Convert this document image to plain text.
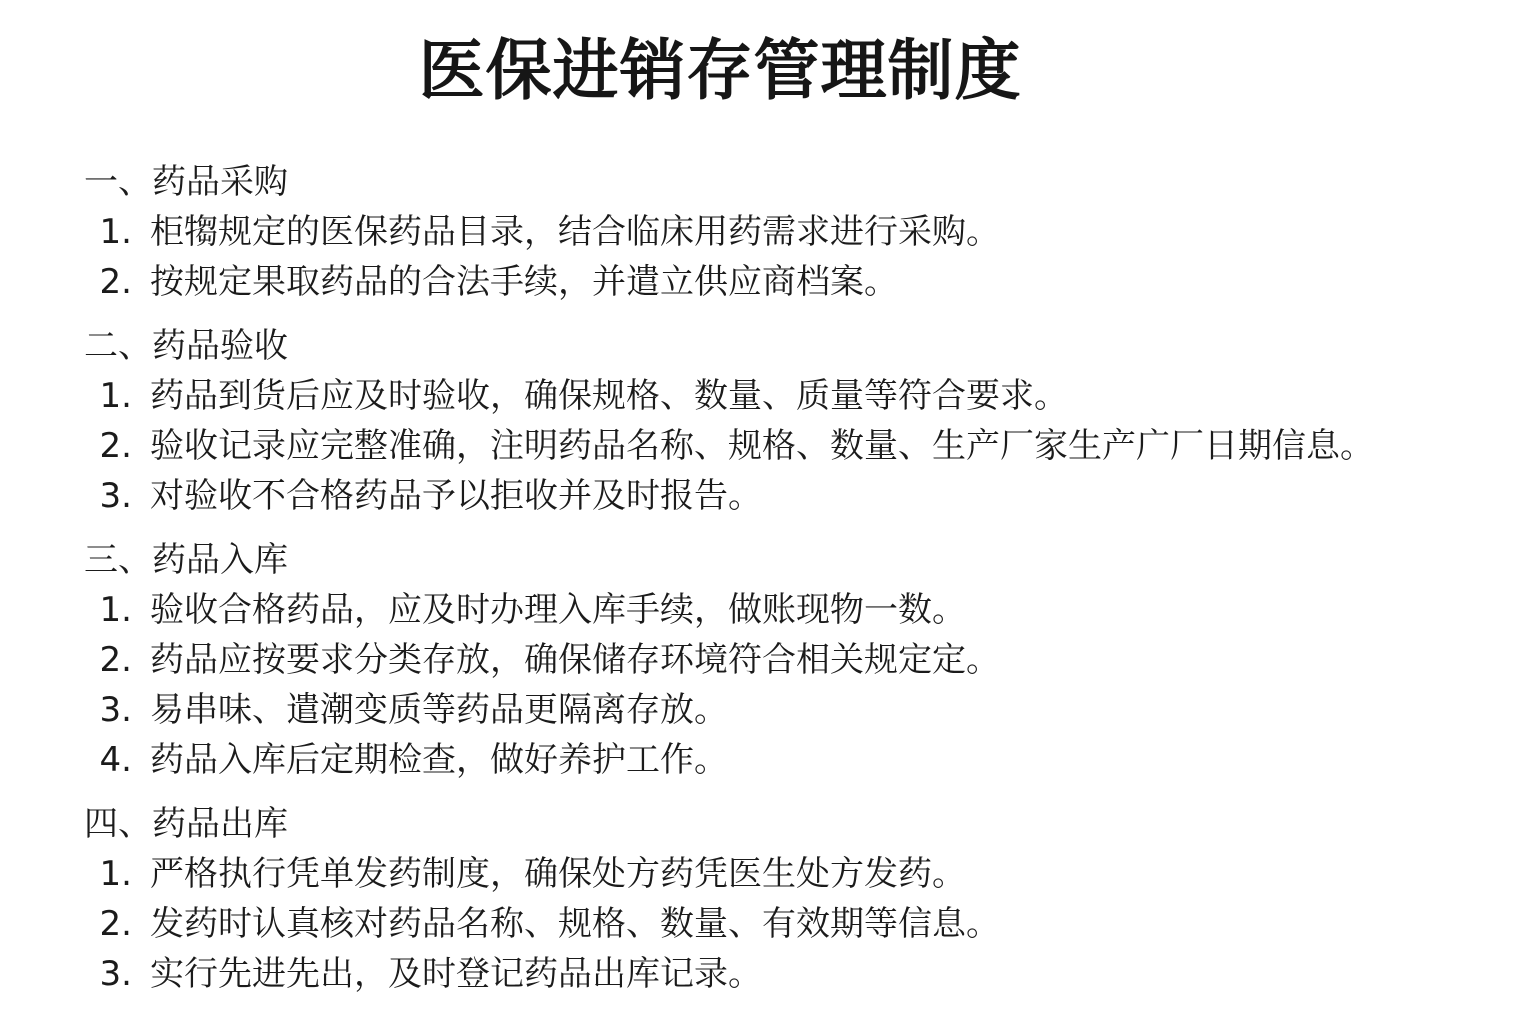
医保进销存管理制度
一、药品采购
1. 柜犓规定的医保药品目录，结合临床用药需求进行采购。
2. 按规定果取药品的合法手续，并遣立供应商档案。
二、药品验收
1. 药品到货后应及时验收，确保规格、数量、质量等符合要求。
2. 验收记录应完整准确，注明药品名称、规格、数量、生产厂家生产广厂日期信息。
3. 对验收不合格药品予以拒收并及时报告。
三、药品入库
1. 验收合格药品，应及时办理入库手续，做账现物一数。
2. 药品应按要求分类存放，确保储存环境符合相关规定定。
3. 易串味、遣潮变质等药品更隔离存放。
4. 药品入库后定期检查，做好养护工作。
四、药品出库
1. 严格执行凭单发药制度，确保处方药凭医生处方发药。
2. 发药时认真核对药品名称、规格、数量、有效期等信息。
3. 实行先进先出，及时登记药品出库记录。
